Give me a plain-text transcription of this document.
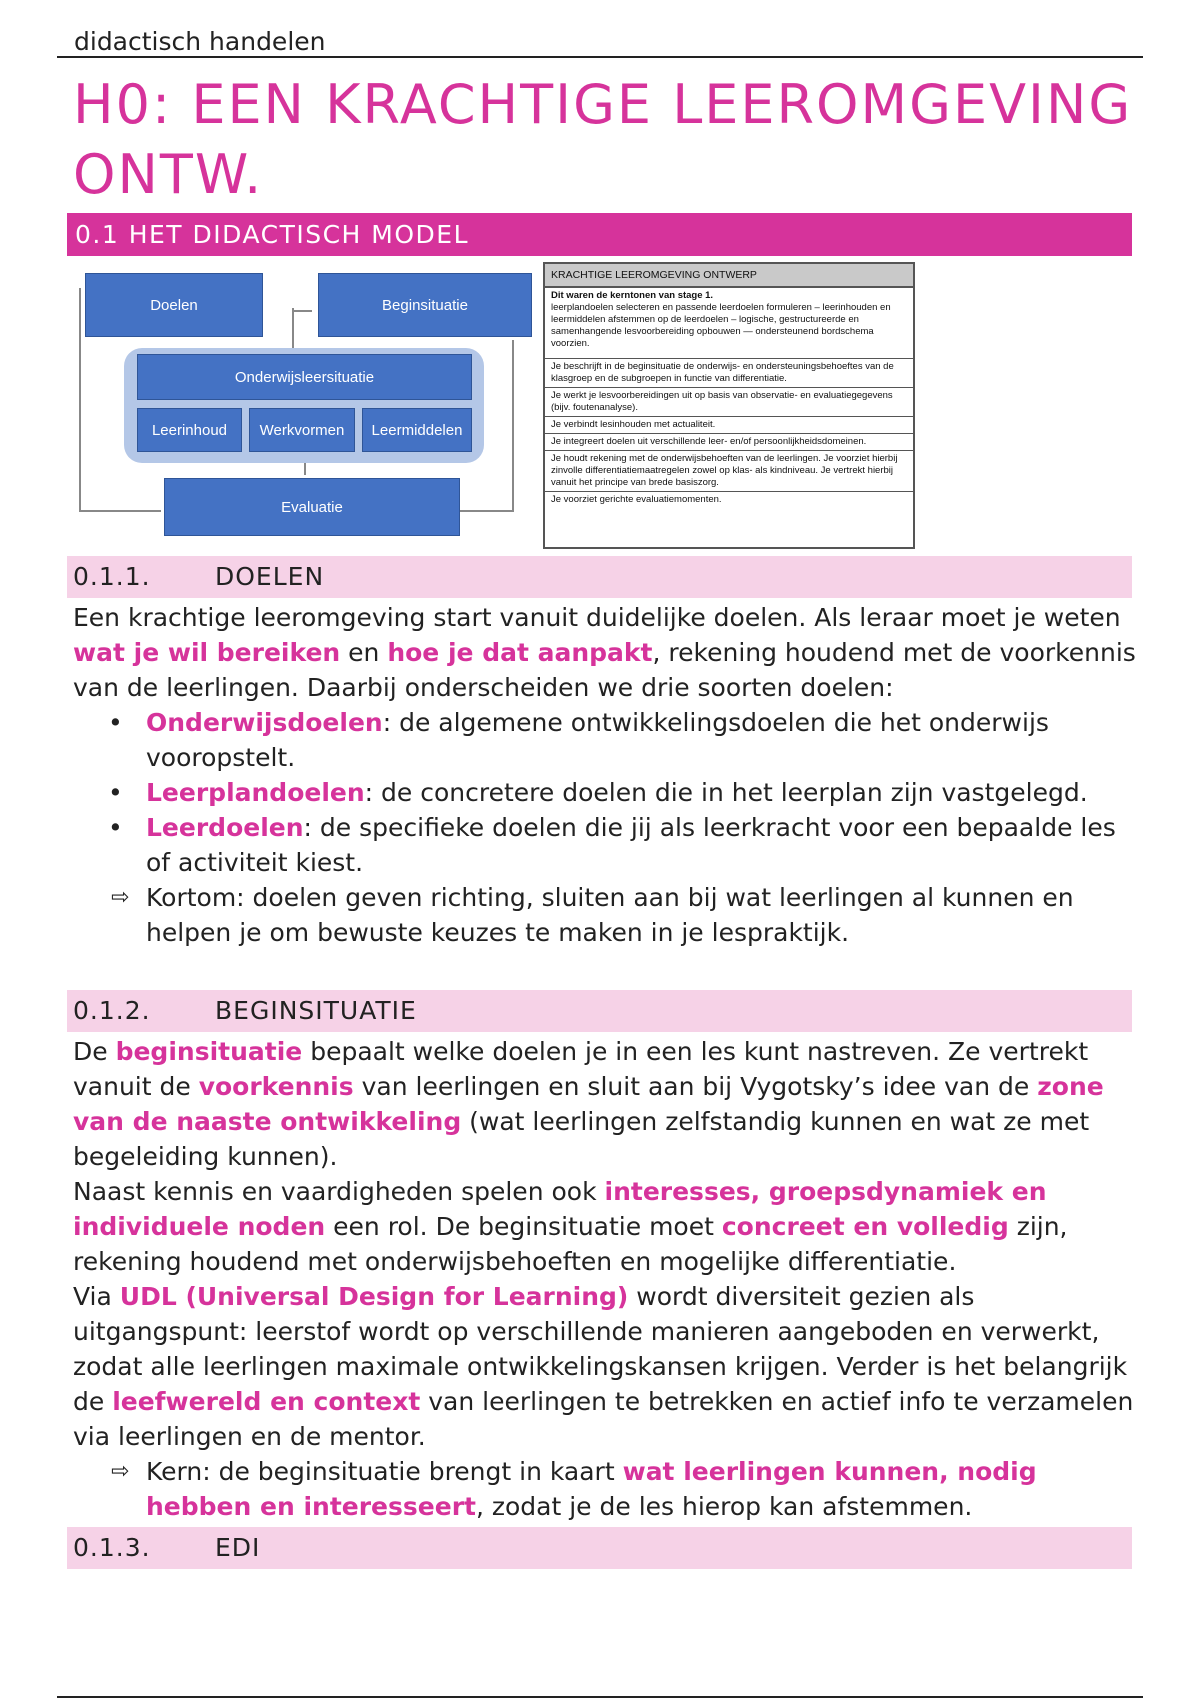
didactisch handelen
H0: EEN KRACHTIGE LEEROMGEVING ONTW.
0.1 HET DIDACTISCH MODEL
Doelen	Beginsituatie
Onderwijsleersituatie
Leerinhoud	Werkvormen	Leermiddelen
Evaluatie
KRACHTIGE LEEROMGEVING ONTWERP
Dit waren de kerntonen van stage 1.
leerplandoelen selecteren en passende leerdoelen formuleren – leerinhouden en leermiddelen afstemmen op de leerdoelen – logische, gestructureerde en samenhangende lesvoorbereiding opbouwen — ondersteunend bordschema voorzien.
Je beschrijft in de beginsituatie de onderwijs- en ondersteuningsbehoeftes van de klasgroep en de subgroepen in functie van differentiatie.
Je werkt je lesvoorbereidingen uit op basis van observatie- en evaluatiegegevens (bijv. foutenanalyse).
Je verbindt lesinhouden met actualiteit.
Je integreert doelen uit verschillende leer- en/of persoonlijkheidsdomeinen.
Je houdt rekening met de onderwijsbehoeften van de leerlingen. Je voorziet hierbij zinvolle differentiatiemaatregelen zowel op klas- als kindniveau. Je vertrekt hierbij vanuit het principe van brede basiszorg.
Je voorziet gerichte evaluatiemomenten.
0.1.1.	DOELEN
Een krachtige leeromgeving start vanuit duidelijke doelen. Als leraar moet je weten wat je wil bereiken en hoe je dat aanpakt, rekening houdend met de voorkennis van de leerlingen. Daarbij onderscheiden we drie soorten doelen:
• Onderwijsdoelen: de algemene ontwikkelingsdoelen die het onderwijs vooropstelt.
• Leerplandoelen: de concretere doelen die in het leerplan zijn vastgelegd.
• Leerdoelen: de specifieke doelen die jij als leerkracht voor een bepaalde les of activiteit kiest.
⇨ Kortom: doelen geven richting, sluiten aan bij wat leerlingen al kunnen en helpen je om bewuste keuzes te maken in je lespraktijk.
0.1.2.	BEGINSITUATIE
De beginsituatie bepaalt welke doelen je in een les kunt nastreven. Ze vertrekt vanuit de voorkennis van leerlingen en sluit aan bij Vygotsky’s idee van de zone van de naaste ontwikkeling (wat leerlingen zelfstandig kunnen en wat ze met begeleiding kunnen).
Naast kennis en vaardigheden spelen ook interesses, groepsdynamiek en individuele noden een rol. De beginsituatie moet concreet en volledig zijn, rekening houdend met onderwijsbehoeften en mogelijke differentiatie.
Via UDL (Universal Design for Learning) wordt diversiteit gezien als uitgangspunt: leerstof wordt op verschillende manieren aangeboden en verwerkt, zodat alle leerlingen maximale ontwikkelingskansen krijgen. Verder is het belangrijk de leefwereld en context van leerlingen te betrekken en actief info te verzamelen via leerlingen en de mentor.
⇨ Kern: de beginsituatie brengt in kaart wat leerlingen kunnen, nodig hebben en interesseert, zodat je de les hierop kan afstemmen.
0.1.3.	EDI
